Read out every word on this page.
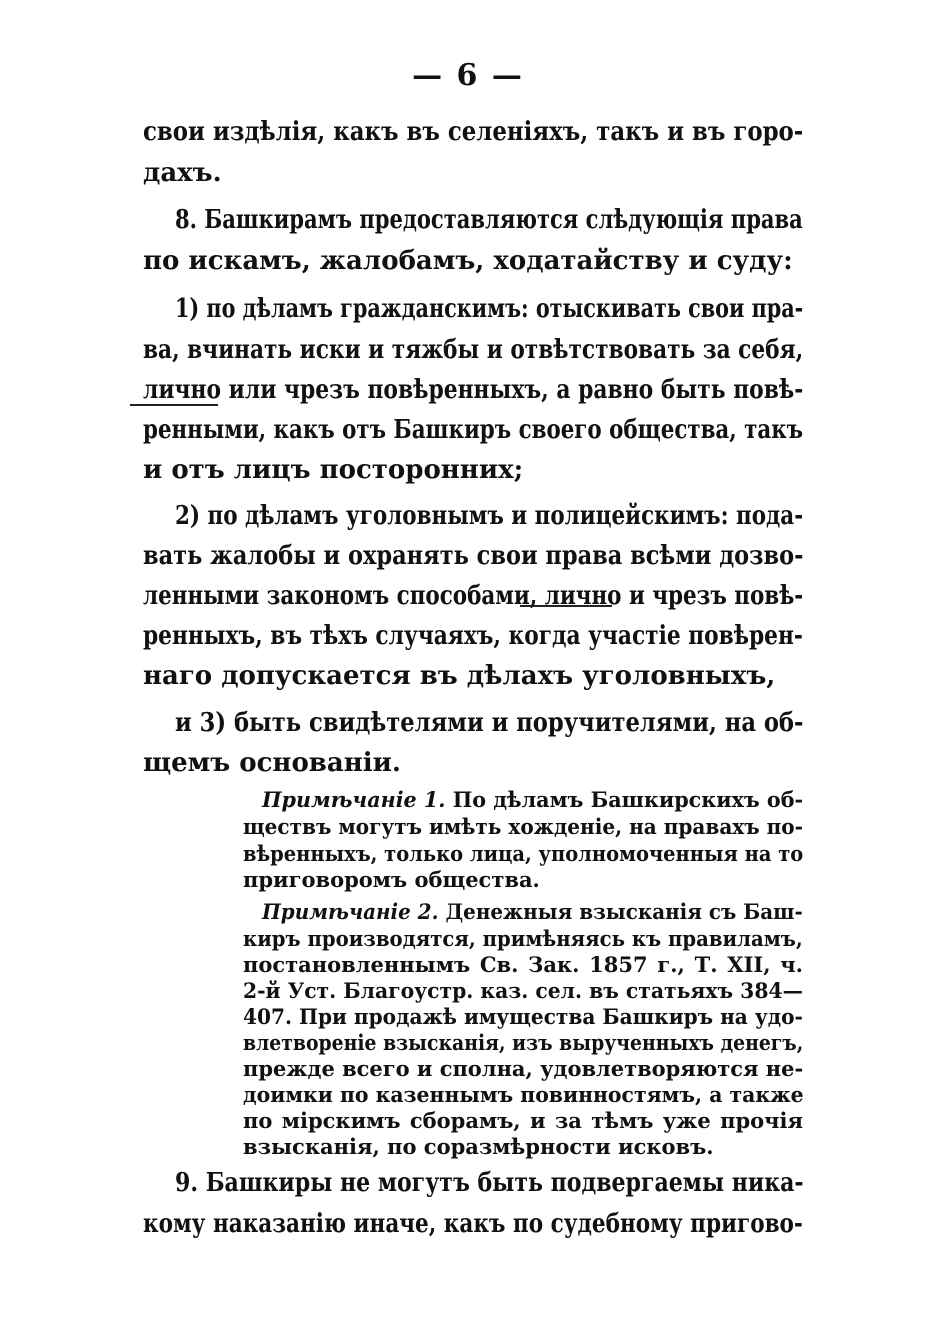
— 6 —
свои издѣлія, какъ въ селеніяхъ, такъ и въ горо-
дахъ.
8. Башкирамъ предоставляются слѣдующія права
по искамъ, жалобамъ, ходатайству и суду:
1) по дѣламъ гражданскимъ: отыскивать свои пра-
ва, вчинать иски и тяжбы и отвѣтствовать за себя,
лично или чрезъ повѣренныхъ, а равно быть повѣ-
ренными, какъ отъ Башкиръ своего общества, такъ
и отъ лицъ посторонних;
2) по дѣламъ уголовнымъ и полицейскимъ: пода-
вать жалобы и охранять свои права всѣми дозво-
ленными закономъ способами, лично и чрезъ повѣ-
ренныхъ, въ тѣхъ случаяхъ, когда участіе повѣрен-
наго допускается въ дѣлахъ уголовныхъ,
и 3) быть свидѣтелями и поручителями, на об-
щемъ основаніи.
Примѣчаніе 1. По дѣламъ Башкирскихъ об-
ществъ могутъ имѣть хожденіе, на правахъ по-
вѣренныхъ, только лица, уполномоченныя на то
приговоромъ общества.
Примѣчаніе 2. Денежныя взысканія съ Баш-
киръ производятся, примѣняясь къ правиламъ,
постановленнымъ Св. Зак. 1857 г., Т. XII, ч.
2-й Уст. Благоустр. каз. сел. въ статьяхъ 384—
407. При продажѣ имущества Башкиръ на удо-
влетвореніе взысканія, изъ вырученныхъ денегъ,
прежде всего и сполна, удовлетворяются не-
доимки по казеннымъ повинностямъ, а также
по мірскимъ сборамъ, и за тѣмъ уже прочія
взысканія, по соразмѣрности исковъ.
9. Башкиры не могутъ быть подвергаемы ника-
кому наказанію иначе, какъ по судебному пригово-
